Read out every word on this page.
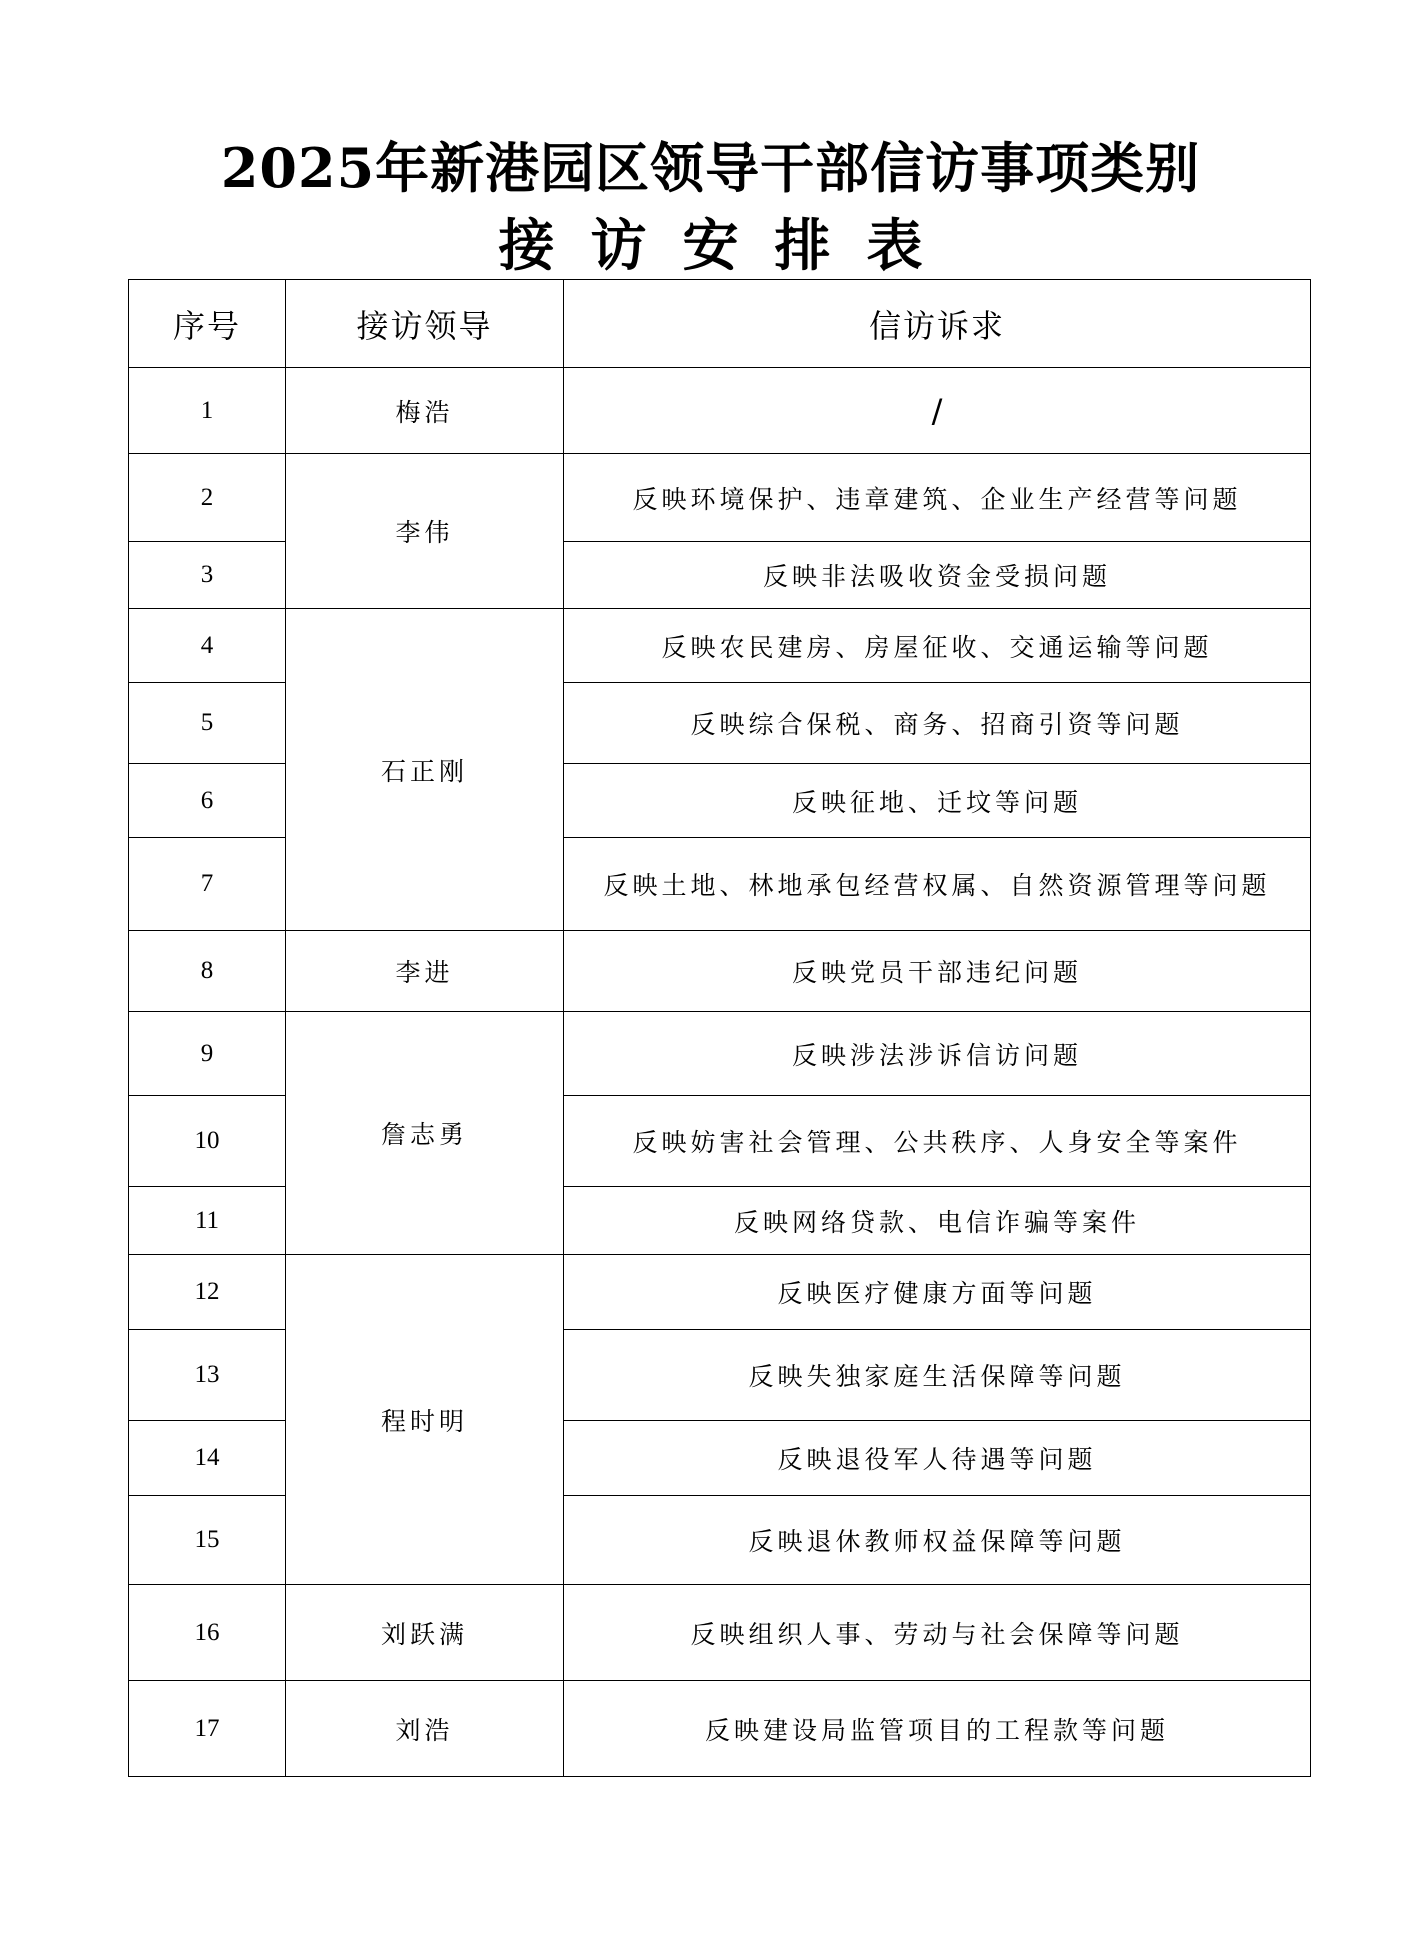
2025年新港园区领导干部信访事项类别
接访安排表
序号	接访领导	信访诉求
1	梅浩	/
2	李伟	反映环境保护、违章建筑、企业生产经营等问题
3		反映非法吸收资金受损问题
4	石正刚	反映农民建房、房屋征收、交通运输等问题
5		反映综合保税、商务、招商引资等问题
6		反映征地、迁坟等问题
7		反映土地、林地承包经营权属、自然资源管理等问题
8	李进	反映党员干部违纪问题
9	詹志勇	反映涉法涉诉信访问题
10		反映妨害社会管理、公共秩序、人身安全等案件
11		反映网络贷款、电信诈骗等案件
12	程时明	反映医疗健康方面等问题
13		反映失独家庭生活保障等问题
14		反映退役军人待遇等问题
15		反映退休教师权益保障等问题
16	刘跃满	反映组织人事、劳动与社会保障等问题
17	刘浩	反映建设局监管项目的工程款等问题
